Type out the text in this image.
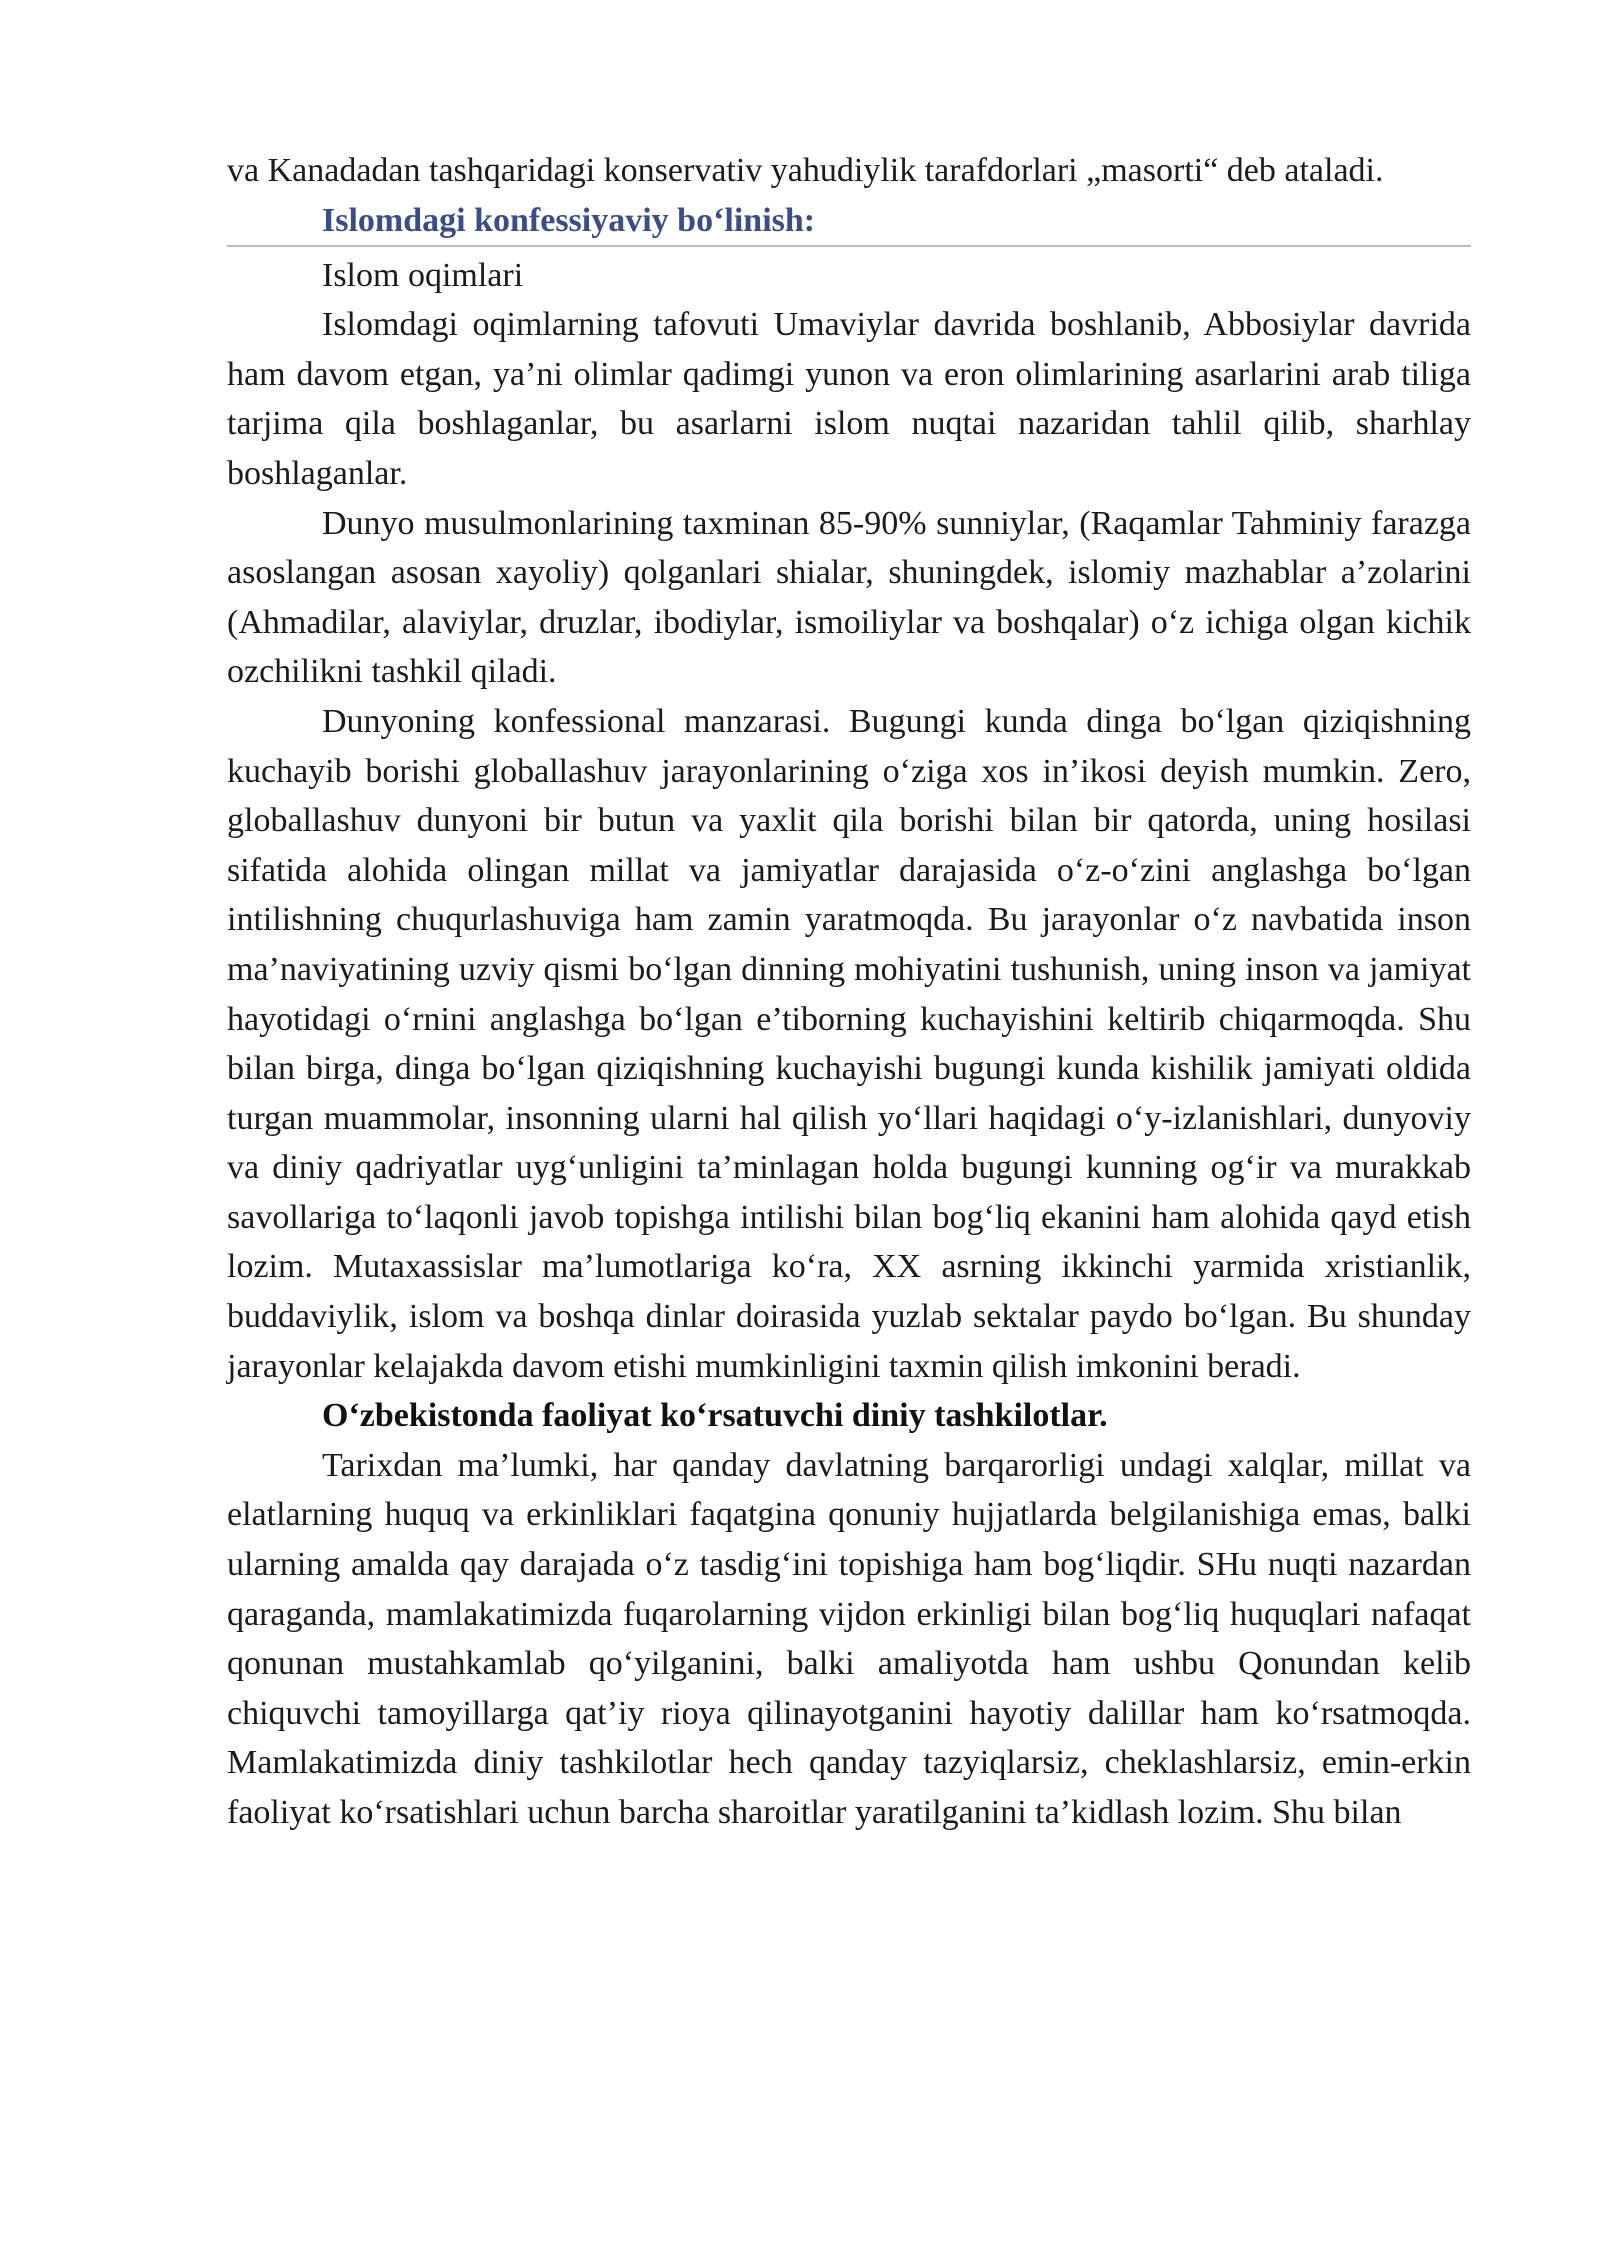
va Kanadadan tashqaridagi konservativ yahudiylik tarafdorlari „masorti“ deb ataladi.

Islomdagi konfessiyaviy bo‘linish:

Islom oqimlari

Islomdagi oqimlarning tafovuti Umaviylar davrida boshlanib, Abbosiylar davrida ham davom etgan, ya’ni olimlar qadimgi yunon va eron olimlarining asarlarini arab tiliga tarjima qila boshlaganlar, bu asarlarni islom nuqtai nazaridan tahlil qilib, sharhlay boshlaganlar.

Dunyo musulmonlarining taxminan 85-90% sunniylar, (Raqamlar Tahminiy farazga asoslangan asosan xayoliy) qolganlari shialar, shuningdek, islomiy mazhablar a’zolarini (Ahmadilar, alaviylar, druzlar, ibodiylar, ismoiliylar va boshqalar) o‘z ichiga olgan kichik ozchilikni tashkil qiladi.

Dunyoning konfessional manzarasi. Bugungi kunda dinga bo‘lgan qiziqishning kuchayib borishi globallashuv jarayonlarining o‘ziga xos in’ikosi deyish mumkin. Zero, globallashuv dunyoni bir butun va yaxlit qila borishi bilan bir qatorda, uning hosilasi sifatida alohida olingan millat va jamiyatlar darajasida o‘z-o‘zini anglashga bo‘lgan intilishning chuqurlashuviga ham zamin yaratmoqda. Bu jarayonlar o‘z navbatida inson ma’naviyatining uzviy qismi bo‘lgan dinning mohiyatini tushunish, uning inson va jamiyat hayotidagi o‘rnini anglashga bo‘lgan e’tiborning kuchayishini keltirib chiqarmoqda. Shu bilan birga, dinga bo‘lgan qiziqishning kuchayishi bugungi kunda kishilik jamiyati oldida turgan muammolar, insonning ularni hal qilish yo‘llari haqidagi o‘y-izlanishlari, dunyoviy va diniy qadriyatlar uyg‘unligini ta’minlagan holda bugungi kunning og‘ir va murakkab savollariga to‘laqonli javob topishga intilishi bilan bog‘liq ekanini ham alohida qayd etish lozim. Mutaxassislar ma’lumotlariga ko‘ra, XX asrning ikkinchi yarmida xristianlik, buddaviylik, islom va boshqa dinlar doirasida yuzlab sektalar paydo bo‘lgan. Bu shunday jarayonlar kelajakda davom etishi mumkinligini taxmin qilish imkonini beradi.

O‘zbekistonda faoliyat ko‘rsatuvchi diniy tashkilotlar.

Tarixdan ma’lumki, har qanday davlatning barqarorligi undagi xalqlar, millat va elatlarning huquq va erkinliklari faqatgina qonuniy hujjatlarda belgilanishiga emas, balki ularning amalda qay darajada o‘z tasdig‘ini topishiga ham bog‘liqdir. SHu nuqti nazardan qaraganda, mamlakatimizda fuqarolarning vijdon erkinligi bilan bog‘liq huquqlari nafaqat qonunan mustahkamlab qo‘yilganini, balki amaliyotda ham ushbu Qonundan kelib chiquvchi tamoyillarga qat’iy rioya qilinayotganini hayotiy dalillar ham ko‘rsatmoqda. Mamlakatimizda diniy tashkilotlar hech qanday tazyiqlarsiz, cheklashlarsiz, emin-erkin faoliyat ko‘rsatishlari uchun barcha sharoitlar yaratilganini ta’kidlash lozim. Shu bilan
